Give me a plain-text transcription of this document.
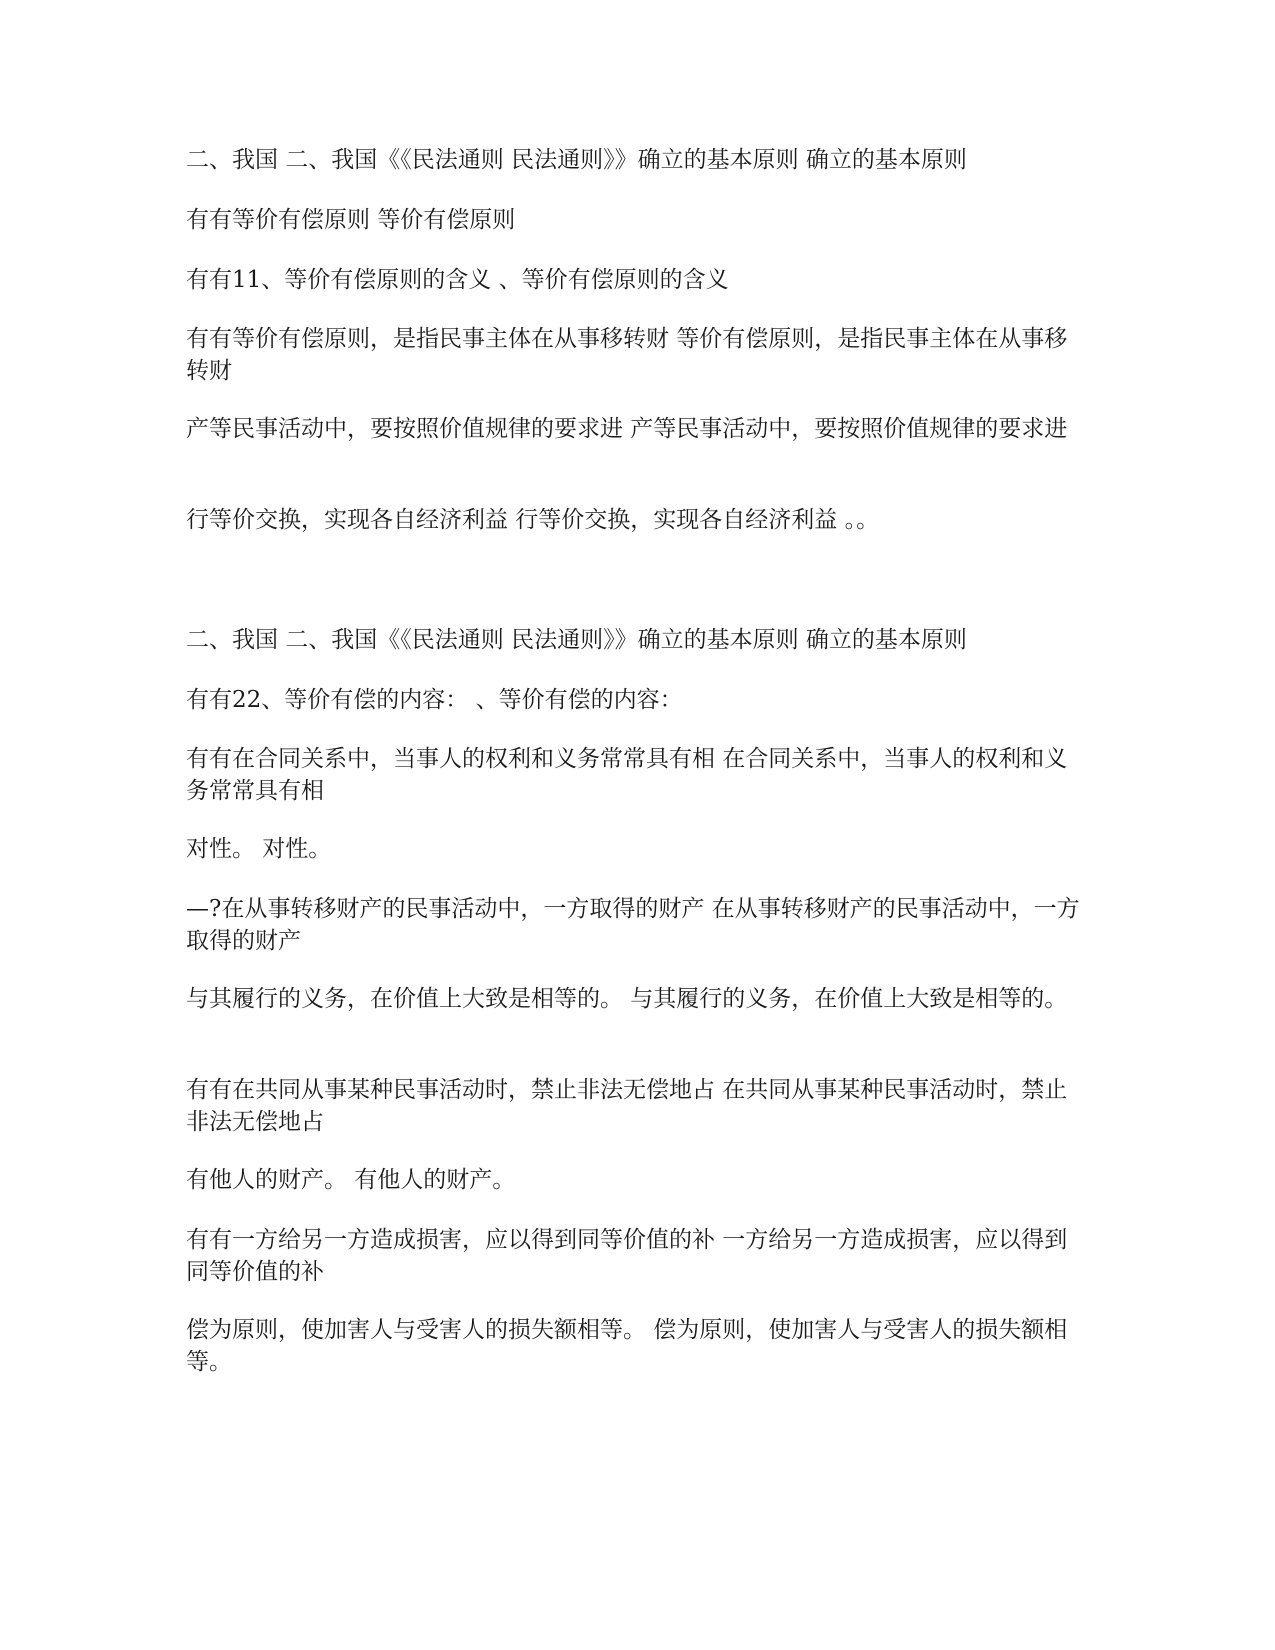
二、我国 二、我国《《民法通则 民法通则》》确立的基本原则 确立的基本原则

有有等价有偿原则 等价有偿原则

有有11、等价有偿原则的含义 、等价有偿原则的含义

有有等价有偿原则，是指民事主体在从事移转财 等价有偿原则，是指民事主体在从事移转财

产等民事活动中，要按照价值规律的要求进 产等民事活动中，要按照价值规律的要求进

行等价交换，实现各自经济利益 行等价交换，实现各自经济利益 。。

二、我国 二、我国《《民法通则 民法通则》》确立的基本原则 确立的基本原则

有有22、等价有偿的内容： 、等价有偿的内容：

有有在合同关系中，当事人的权利和义务常常具有相 在合同关系中，当事人的权利和义务常常具有相

对性。 对性。

—?在从事转移财产的民事活动中，一方取得的财产 在从事转移财产的民事活动中，一方取得的财产

与其履行的义务，在价值上大致是相等的。 与其履行的义务，在价值上大致是相等的。

有有在共同从事某种民事活动时，禁止非法无偿地占 在共同从事某种民事活动时，禁止非法无偿地占

有他人的财产。 有他人的财产。

有有一方给另一方造成损害，应以得到同等价值的补 一方给另一方造成损害，应以得到同等价值的补

偿为原则，使加害人与受害人的损失额相等。 偿为原则，使加害人与受害人的损失额相等。
